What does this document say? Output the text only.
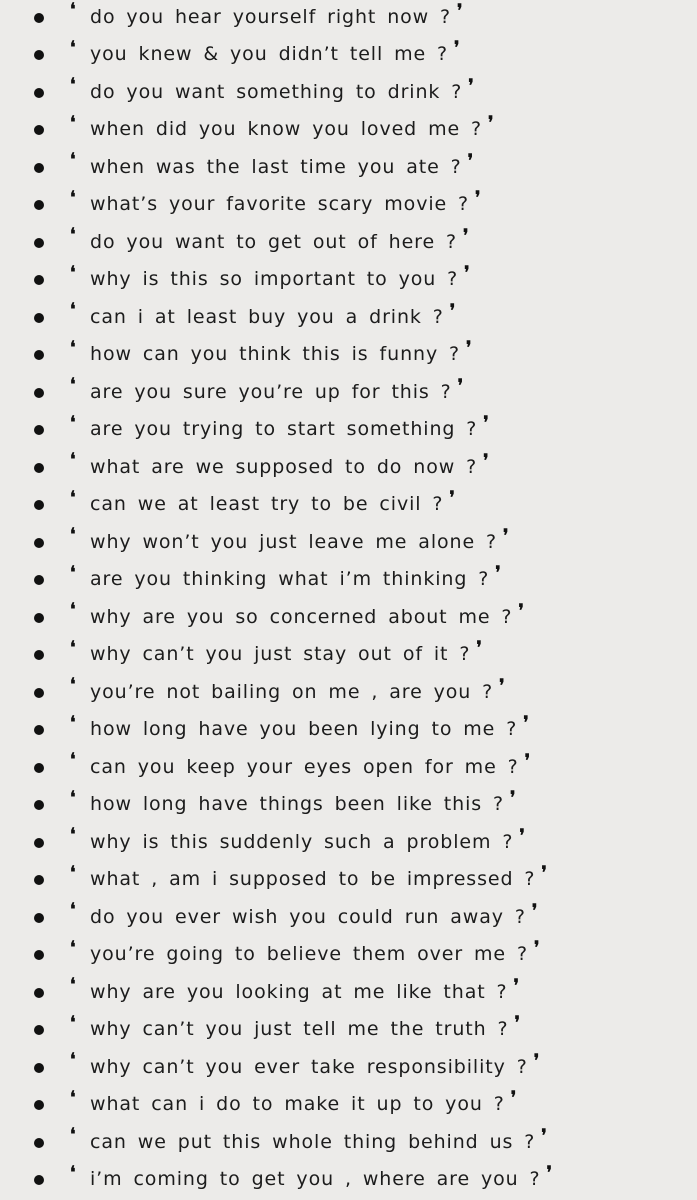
❛ do you hear yourself right now ? ❜
❛ you knew & you didn’t tell me ? ❜
❛ do you want something to drink ? ❜
❛ when did you know you loved me ? ❜
❛ when was the last time you ate ? ❜
❛ what’s your favorite scary movie ? ❜
❛ do you want to get out of here ? ❜
❛ why is this so important to you ? ❜
❛ can i at least buy you a drink ? ❜
❛ how can you think this is funny ? ❜
❛ are you sure you’re up for this ? ❜
❛ are you trying to start something ? ❜
❛ what are we supposed to do now ? ❜
❛ can we at least try to be civil ? ❜
❛ why won’t you just leave me alone ? ❜
❛ are you thinking what i’m thinking ? ❜
❛ why are you so concerned about me ? ❜
❛ why can’t you just stay out of it ? ❜
❛ you’re not bailing on me , are you ? ❜
❛ how long have you been lying to me ? ❜
❛ can you keep your eyes open for me ? ❜
❛ how long have things been like this ? ❜
❛ why is this suddenly such a problem ? ❜
❛ what , am i supposed to be impressed ? ❜
❛ do you ever wish you could run away ? ❜
❛ you’re going to believe them over me ? ❜
❛ why are you looking at me like that ? ❜
❛ why can’t you just tell me the truth ? ❜
❛ why can’t you ever take responsibility ? ❜
❛ what can i do to make it up to you ? ❜
❛ can we put this whole thing behind us ? ❜
❛ i’m coming to get you , where are you ? ❜
